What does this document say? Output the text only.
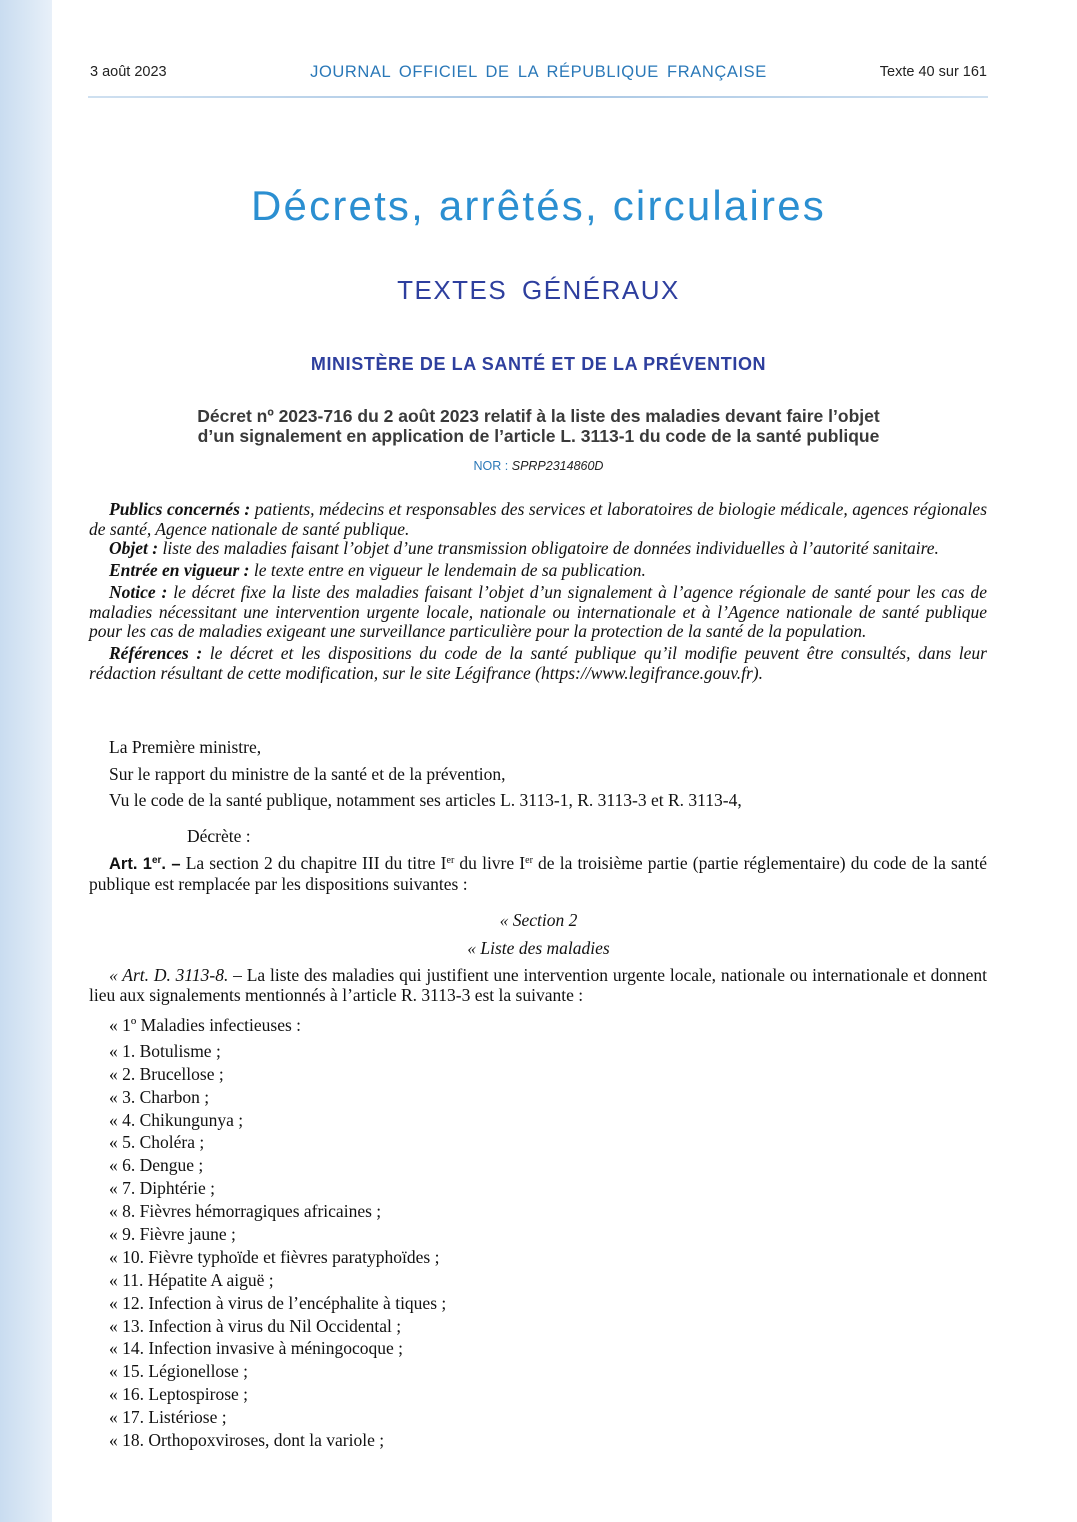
3 août 2023	JOURNAL OFFICIEL DE LA RÉPUBLIQUE FRANÇAISE	Texte 40 sur 161
Décrets, arrêtés, circulaires
TEXTES GÉNÉRAUX
MINISTÈRE DE LA SANTÉ ET DE LA PRÉVENTION
Décret nº 2023-716 du 2 août 2023 relatif à la liste des maladies devant faire l’objet
d’un signalement en application de l’article L. 3113-1 du code de la santé publique
NOR : SPRP2314860D

Publics concernés : patients, médecins et responsables des services et laboratoires de biologie médicale, agences régionales de santé, Agence nationale de santé publique.

Objet : liste des maladies faisant l’objet d’une transmission obligatoire de données individuelles à l’autorité sanitaire.

Entrée en vigueur : le texte entre en vigueur le lendemain de sa publication.

Notice : le décret fixe la liste des maladies faisant l’objet d’un signalement à l’agence régionale de santé pour les cas de maladies nécessitant une intervention urgente locale, nationale ou internationale et à l’Agence nationale de santé publique pour les cas de maladies exigeant une surveillance particulière pour la protection de la santé de la population.

Références : le décret et les dispositions du code de la santé publique qu’il modifie peuvent être consultés, dans leur rédaction résultant de cette modification, sur le site Légifrance (https://www.legifrance.gouv.fr).

La Première ministre,

Sur le rapport du ministre de la santé et de la prévention,

Vu le code de la santé publique, notamment ses articles L. 3113-1, R. 3113-3 et R. 3113-4,

Décrète :

Art. 1er. – La section 2 du chapitre III du titre Ier du livre Ier de la troisième partie (partie réglementaire) du code de la santé publique est remplacée par les dispositions suivantes :

« Section 2
« Liste des maladies

« Art. D. 3113-8. – La liste des maladies qui justifient une intervention urgente locale, nationale ou internationale et donnent lieu aux signalements mentionnés à l’article R. 3113-3 est la suivante :

« 1º Maladies infectieuses :
« 1. Botulisme ;
« 2. Brucellose ;
« 3. Charbon ;
« 4. Chikungunya ;
« 5. Choléra ;
« 6. Dengue ;
« 7. Diphtérie ;
« 8. Fièvres hémorragiques africaines ;
« 9. Fièvre jaune ;
« 10. Fièvre typhoïde et fièvres paratyphoïdes ;
« 11. Hépatite A aiguë ;
« 12. Infection à virus de l’encéphalite à tiques ;
« 13. Infection à virus du Nil Occidental ;
« 14. Infection invasive à méningocoque ;
« 15. Légionellose ;
« 16. Leptospirose ;
« 17. Listériose ;
« 18. Orthopoxviroses, dont la variole ;
